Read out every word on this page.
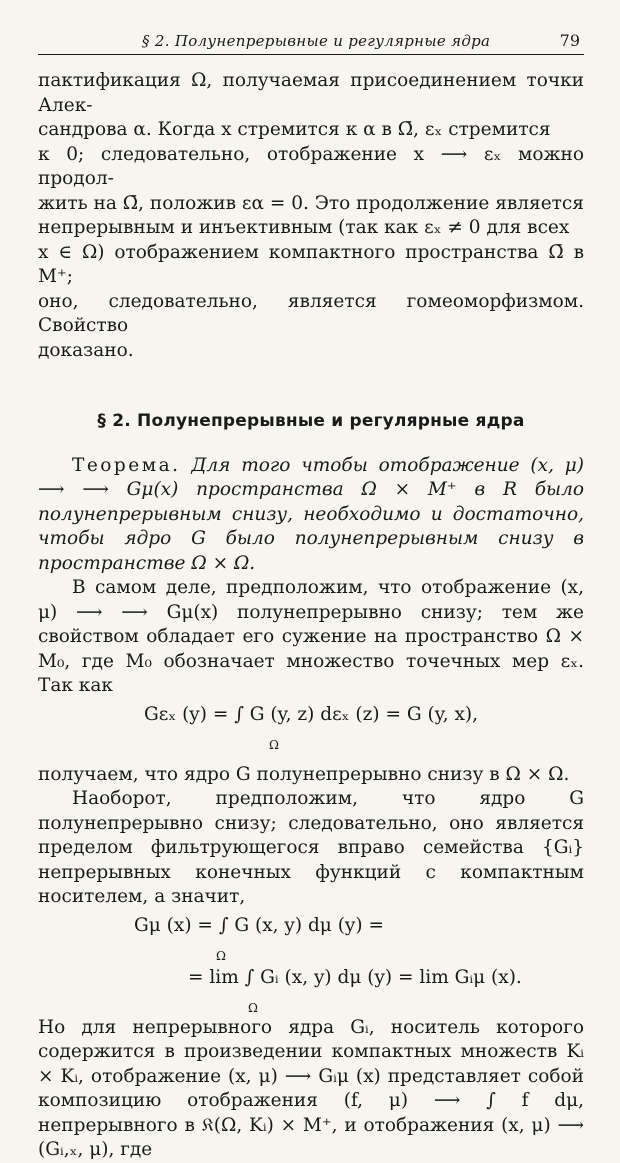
§ 2. Полунепрерывные и регулярные ядра	79

пактификация Ω, получаемая присоединением точки Алек-
сандрова α. Когда x стремится к α в Ω̄, εₓ стремится
к 0; следовательно, отображение x ⟶ εₓ можно продол-
жить на Ω̄, положив εα = 0. Это продолжение является
непрерывным и инъективным (так как εₓ ≠ 0 для всех
x ∈ Ω) отображением компактного пространства Ω̄ в M⁺;
оно, следовательно, является гомеоморфизмом. Свойство
доказано.

§ 2. Полунепрерывные и регулярные ядра

Теорема. Для того чтобы отображение (x, μ) ⟶ ⟶ Gμ(x) пространства Ω × M⁺ в R было полунепрерывным снизу, необходимо и достаточно, чтобы ядро G было полунепрерывным снизу в пространстве Ω × Ω.

В самом деле, предположим, что отображение (x, μ) ⟶ ⟶ Gμ(x) полунепрерывно снизу; тем же свойством обладает его сужение на пространство Ω × M₀, где M₀ обозначает множество точечных мер εₓ. Так как

Gεₓ (y) = ∫ G (y, z) dεₓ (z) = G (y, x),
Ω

получаем, что ядро G полунепрерывно снизу в Ω × Ω.

Наоборот, предположим, что ядро G полунепрерывно снизу; следовательно, оно является пределом фильтрующегося вправо семейства {Gᵢ} непрерывных конечных функций с компактным носителем, а значит,

Gμ (x) = ∫ G (x, y) dμ (y) =
Ω
= lim ∫ Gᵢ (x, y) dμ (y) = lim Gᵢμ (x).
Ω

Но для непрерывного ядра Gᵢ, носитель которого содержится в произведении компактных множеств Kᵢ × Kᵢ, отображение (x, μ) ⟶ Gᵢμ (x) представляет собой композицию отображения (f, μ) ⟶ ∫ f dμ, непрерывного в 𝔎(Ω, Kᵢ) × M⁺, и отображения (x, μ) ⟶ (Gᵢ,ₓ, μ), где
